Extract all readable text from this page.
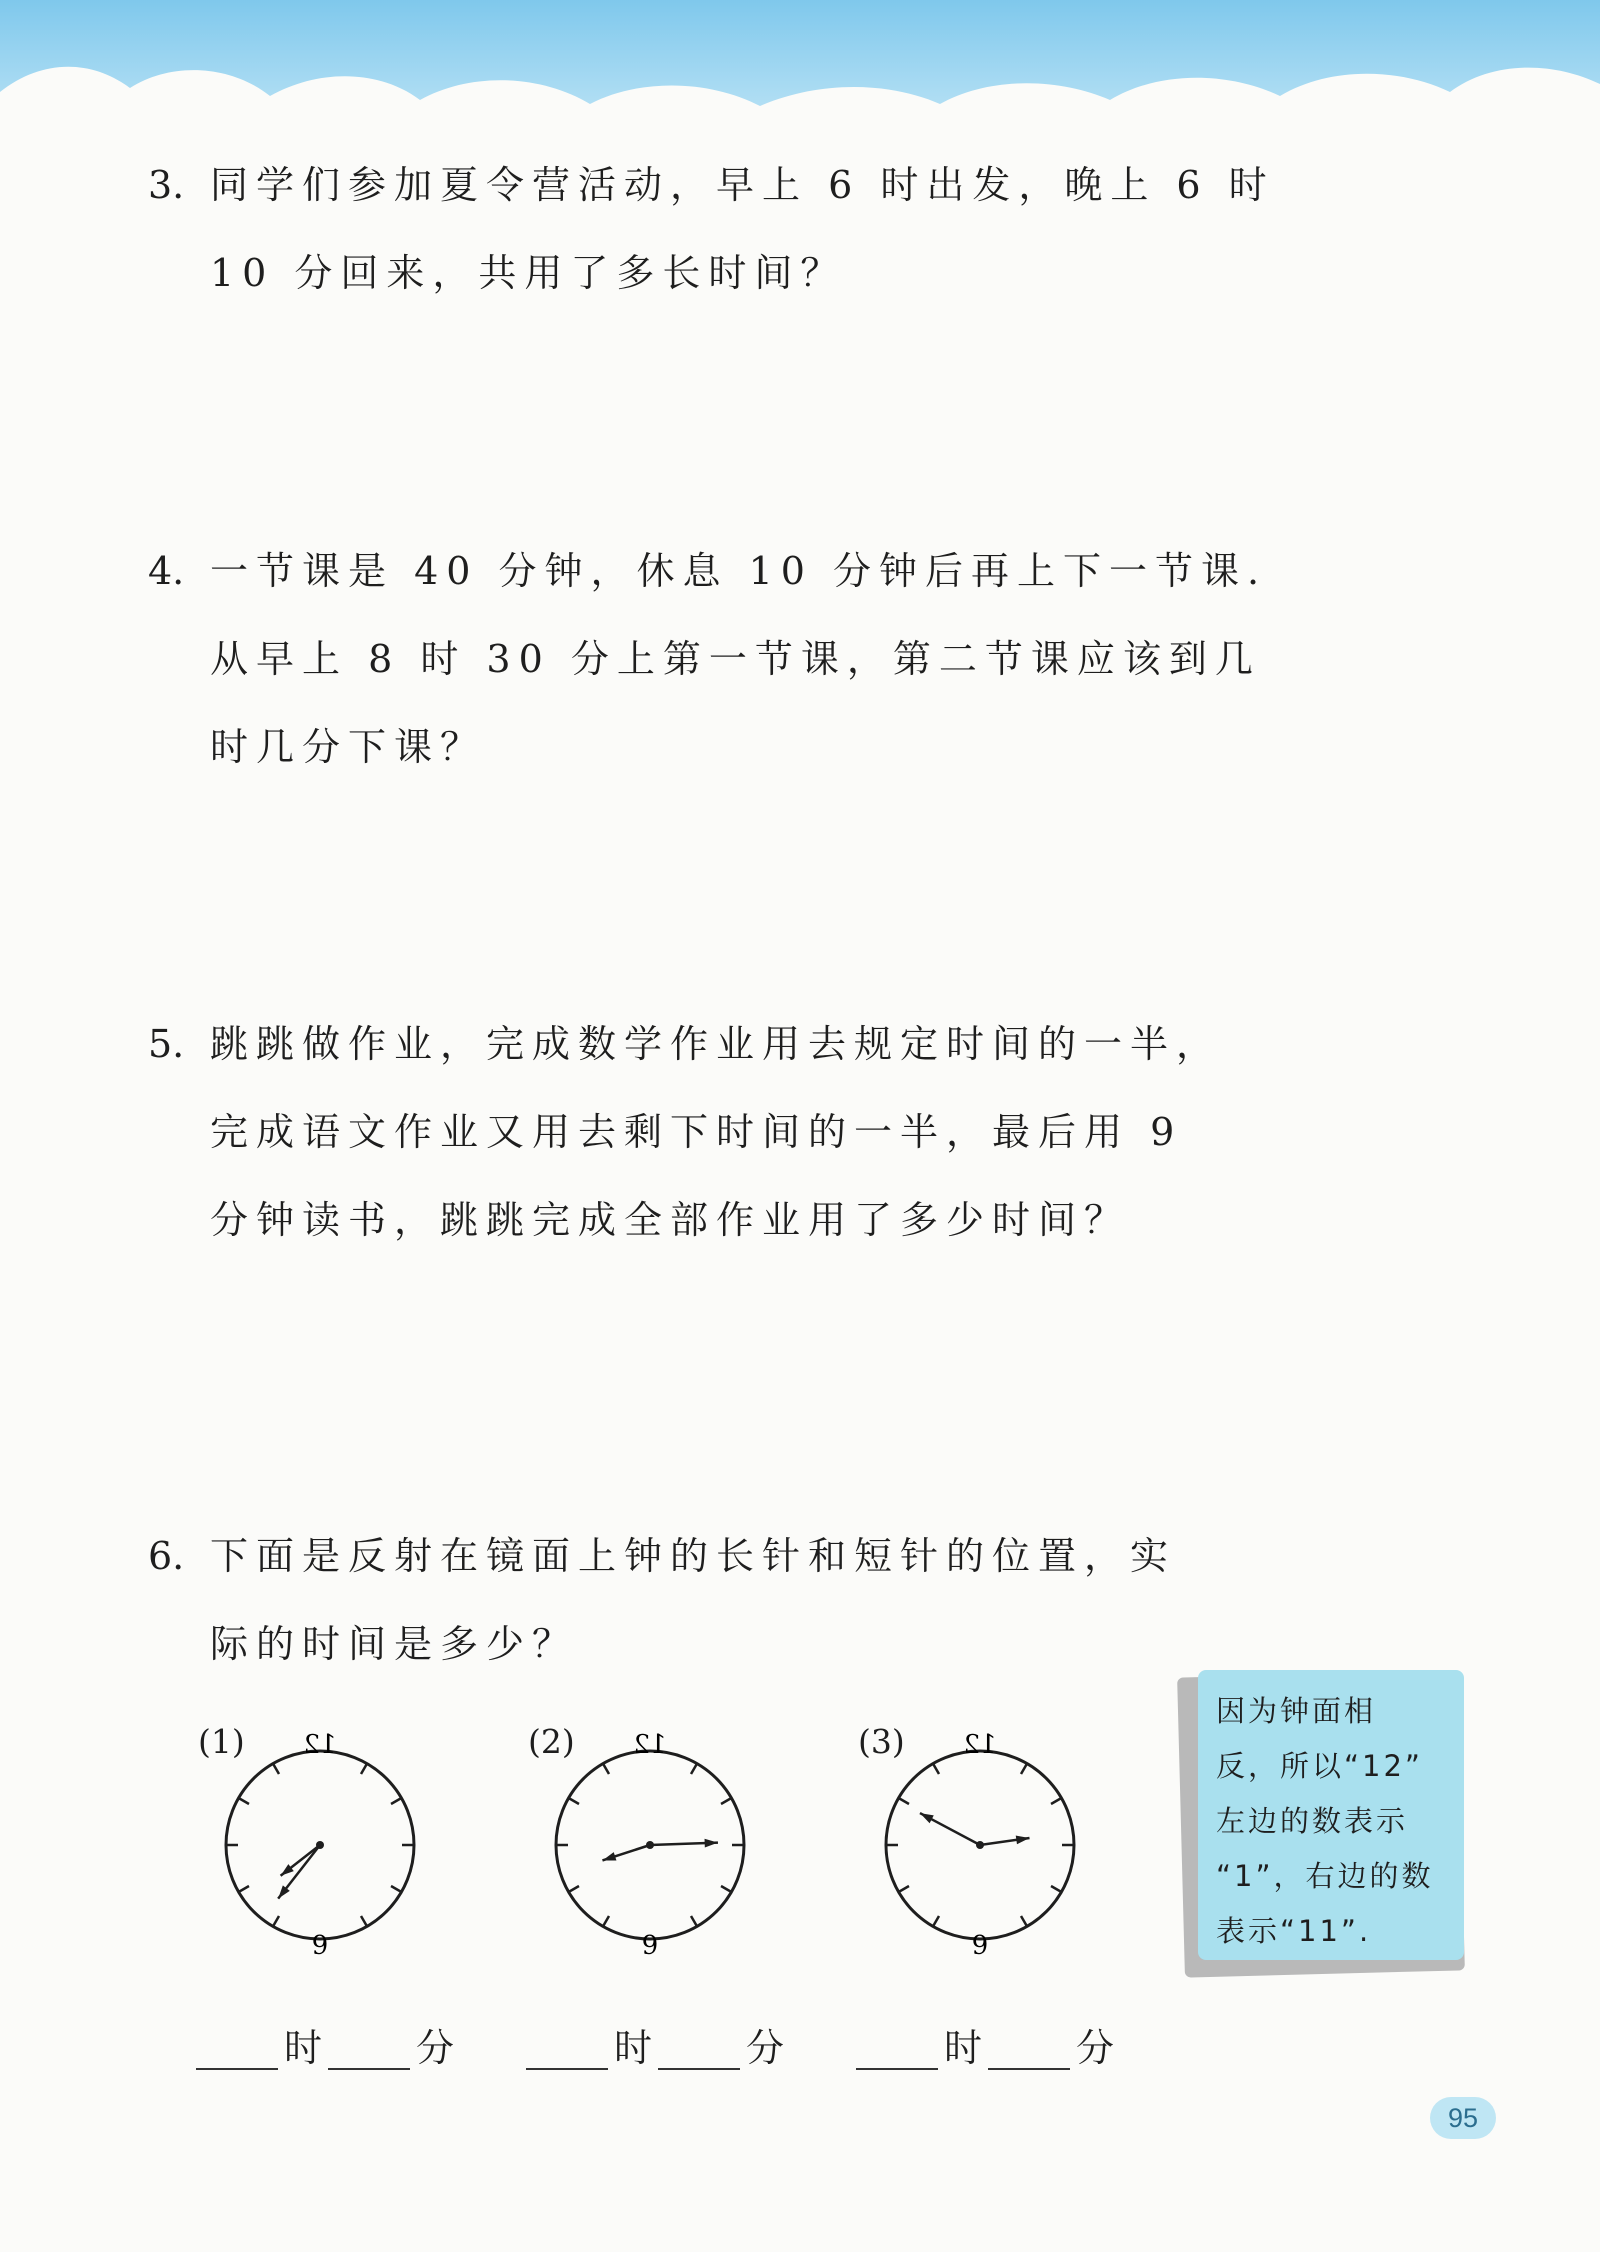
3. 同学们参加夏令营活动，早上 6 时出发，晚上 6 时
10 分回来，共用了多长时间？
4. 一节课是 40 分钟，休息 10 分钟后再上下一节课.
从早上 8 时 30 分上第一节课，第二节课应该到几
时几分下课？
5. 跳跳做作业，完成数学作业用去规定时间的一半，
完成语文作业又用去剩下时间的一半，最后用 9
分钟读书，跳跳完成全部作业用了多少时间？
6. 下面是反射在镜面上钟的长针和短针的位置，实
际的时间是多少？
12
6
(1)	12
6
(2)	12
6
(3)
时 分	时 分	时 分
因为钟面相
反，所以“12”
左边的数表示
“1”，右边的数
表示“11”.
95
